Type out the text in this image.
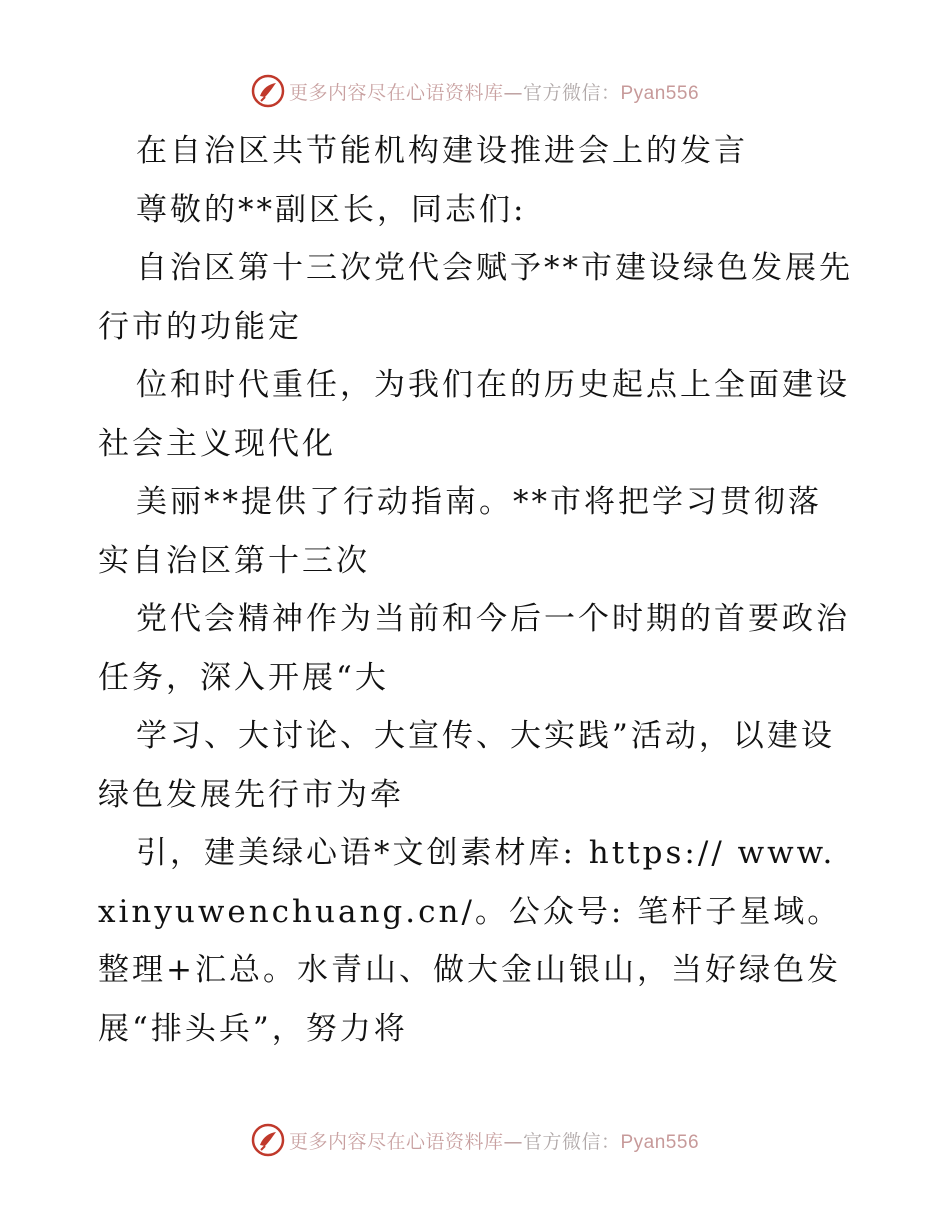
更多内容尽在心语资料库—官方微信：Pyan556

在自治区共节能机构建设推进会上的发言

尊敬的**副区长，同志们:

自治区第十三次党代会赋予**市建设绿色发展先行市的功能定

位和时代重任，为我们在的历史起点上全面建设社会主义现代化

美丽**提供了行动指南。**市将把学习贯彻落实自治区第十三次

党代会精神作为当前和今后一个时期的首要政治任务，深入开展“大

学习、大讨论、大宣传、大实践”活动，以建设绿色发展先行市为牵

引，建美绿心语*文创素材库: https:// www.xinyuwenchuang.cn/。公众号: 笔杆子星域。整理+汇总。水青山、做大金山银山，当好绿色发展“排头兵”，努力将

更多内容尽在心语资料库—官方微信：Pyan556
